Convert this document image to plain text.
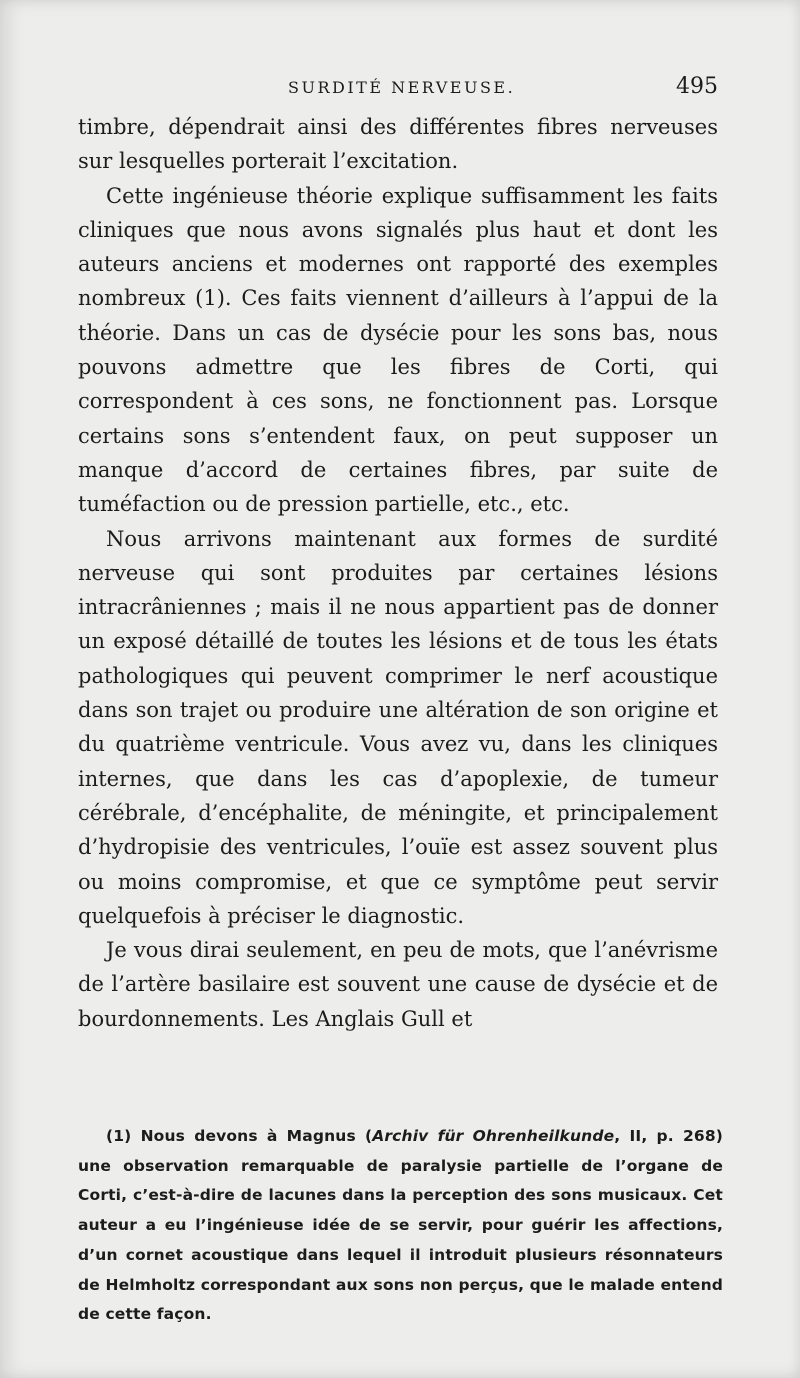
SURDITÉ NERVEUSE.	495

timbre, dépendrait ainsi des différentes fibres nerveuses sur lesquelles porterait l’excitation.

Cette ingénieuse théorie explique suffisamment les faits cliniques que nous avons signalés plus haut et dont les auteurs anciens et modernes ont rapporté des exemples nombreux (1). Ces faits viennent d’ailleurs à l’appui de la théorie. Dans un cas de dysécie pour les sons bas, nous pouvons admettre que les fibres de Corti, qui correspondent à ces sons, ne fonctionnent pas. Lorsque certains sons s’entendent faux, on peut supposer un manque d’accord de certaines fibres, par suite de tuméfaction ou de pression partielle, etc., etc.

Nous arrivons maintenant aux formes de surdité nerveuse qui sont produites par certaines lésions intracrâniennes ; mais il ne nous appartient pas de donner un exposé détaillé de toutes les lésions et de tous les états pathologiques qui peuvent comprimer le nerf acoustique dans son trajet ou produire une altération de son origine et du quatrième ventricule. Vous avez vu, dans les cliniques internes, que dans les cas d’apoplexie, de tumeur cérébrale, d’encéphalite, de méningite, et principalement d’hydropisie des ventricules, l’ouïe est assez souvent plus ou moins compromise, et que ce symptôme peut servir quelquefois à préciser le diagnostic.

Je vous dirai seulement, en peu de mots, que l’anévrisme de l’artère basilaire est souvent une cause de dysécie et de bourdonnements. Les Anglais Gull et

(1) Nous devons à Magnus (Archiv für Ohrenheilkunde, II, p. 268) une observation remarquable de paralysie partielle de l’organe de Corti, c’est-à-dire de lacunes dans la perception des sons musicaux. Cet auteur a eu l’ingénieuse idée de se servir, pour guérir les affections, d’un cornet acoustique dans lequel il introduit plusieurs résonnateurs de Helmholtz correspondant aux sons non perçus, que le malade entend de cette façon.
